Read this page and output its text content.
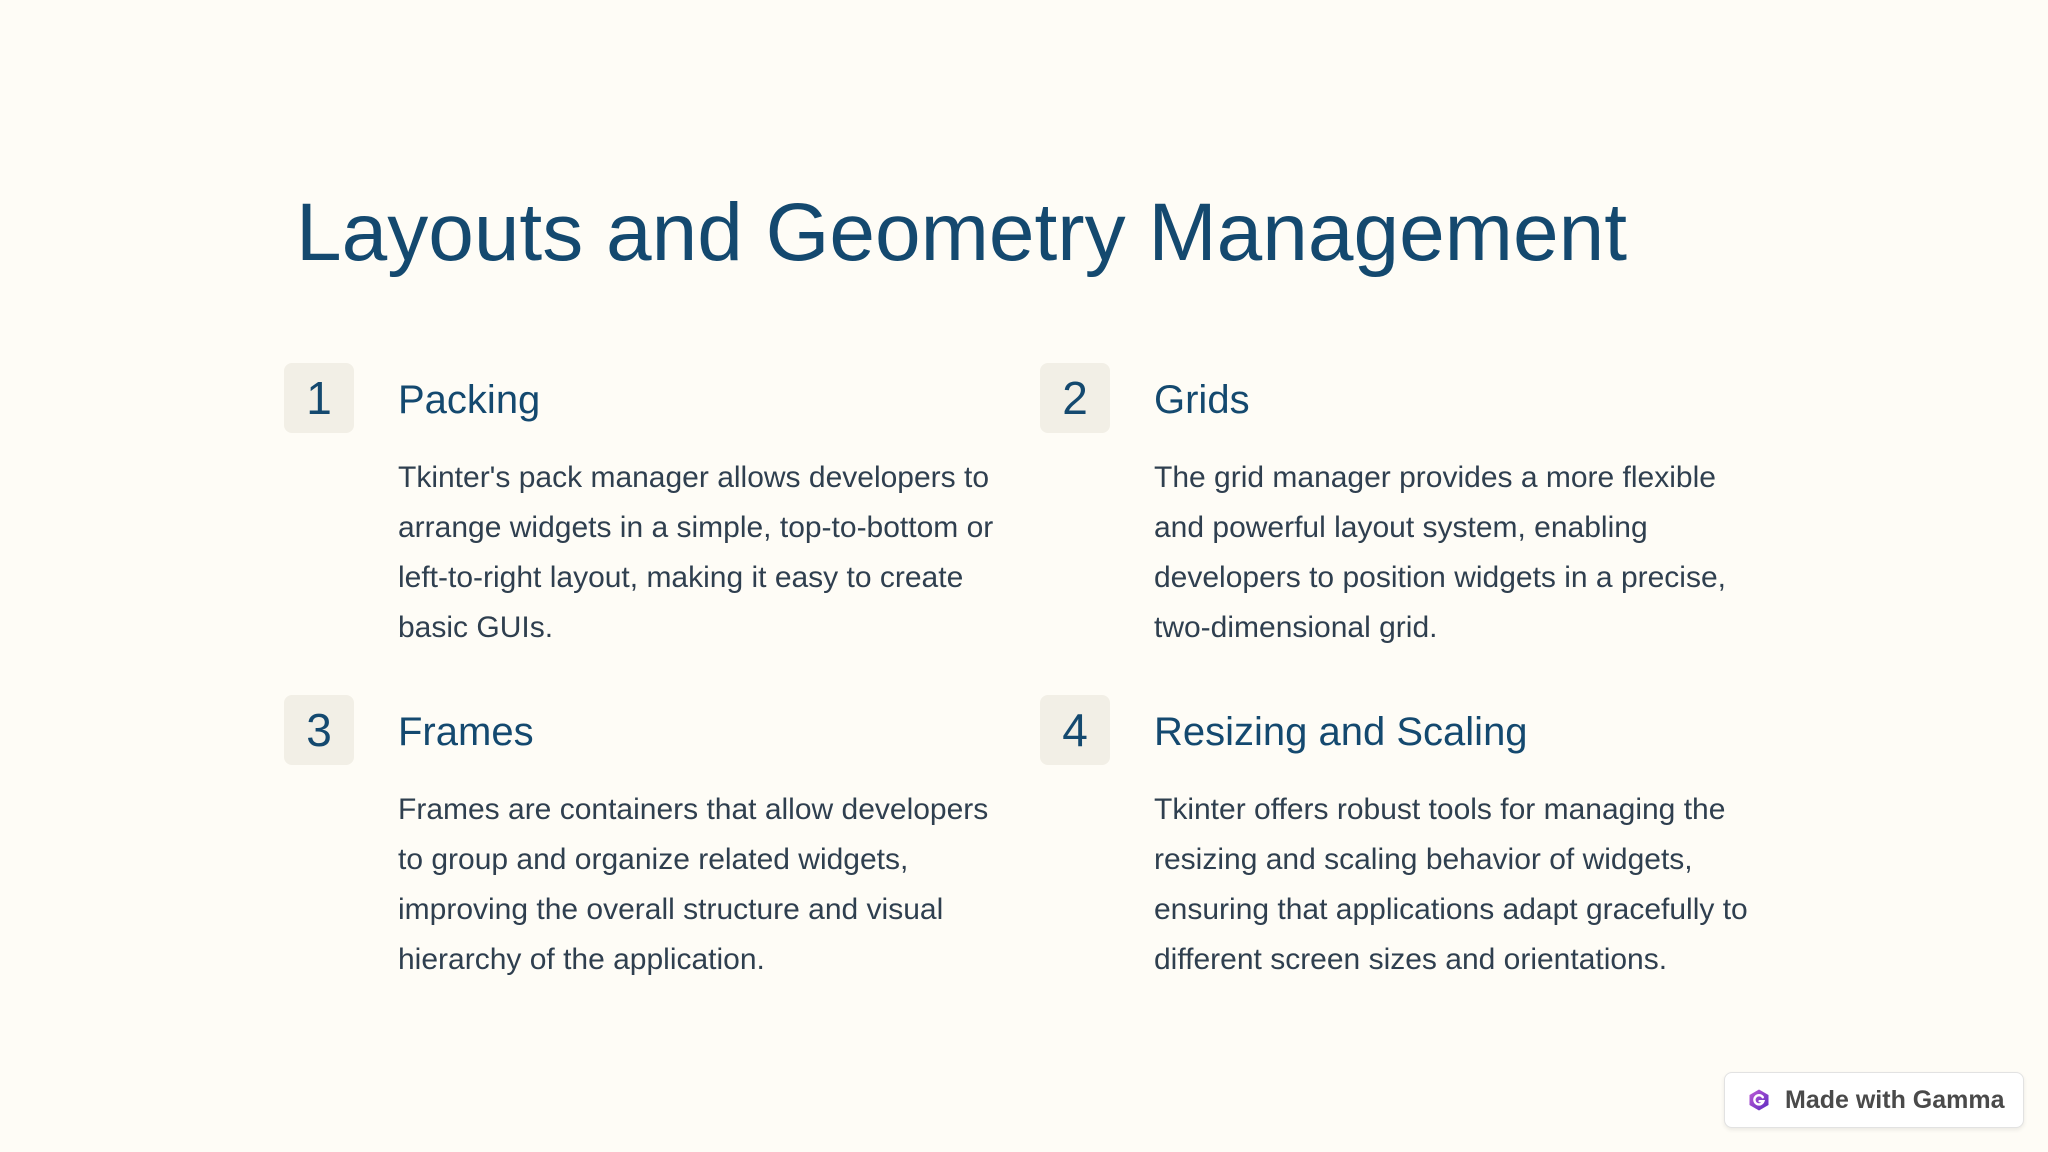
Layouts and Geometry Management
1	Packing

Tkinter's pack manager allows developers to arrange widgets in a simple, top-to-bottom or left-to-right layout, making it easy to create basic GUIs.

2	Grids

The grid manager provides a more flexible and powerful layout system, enabling developers to position widgets in a precise, two-dimensional grid.

3	Frames

Frames are containers that allow developers to group and organize related widgets, improving the overall structure and visual hierarchy of the application.

4	Resizing and Scaling

Tkinter offers robust tools for managing the resizing and scaling behavior of widgets, ensuring that applications adapt gracefully to different screen sizes and orientations.

Made with Gamma
